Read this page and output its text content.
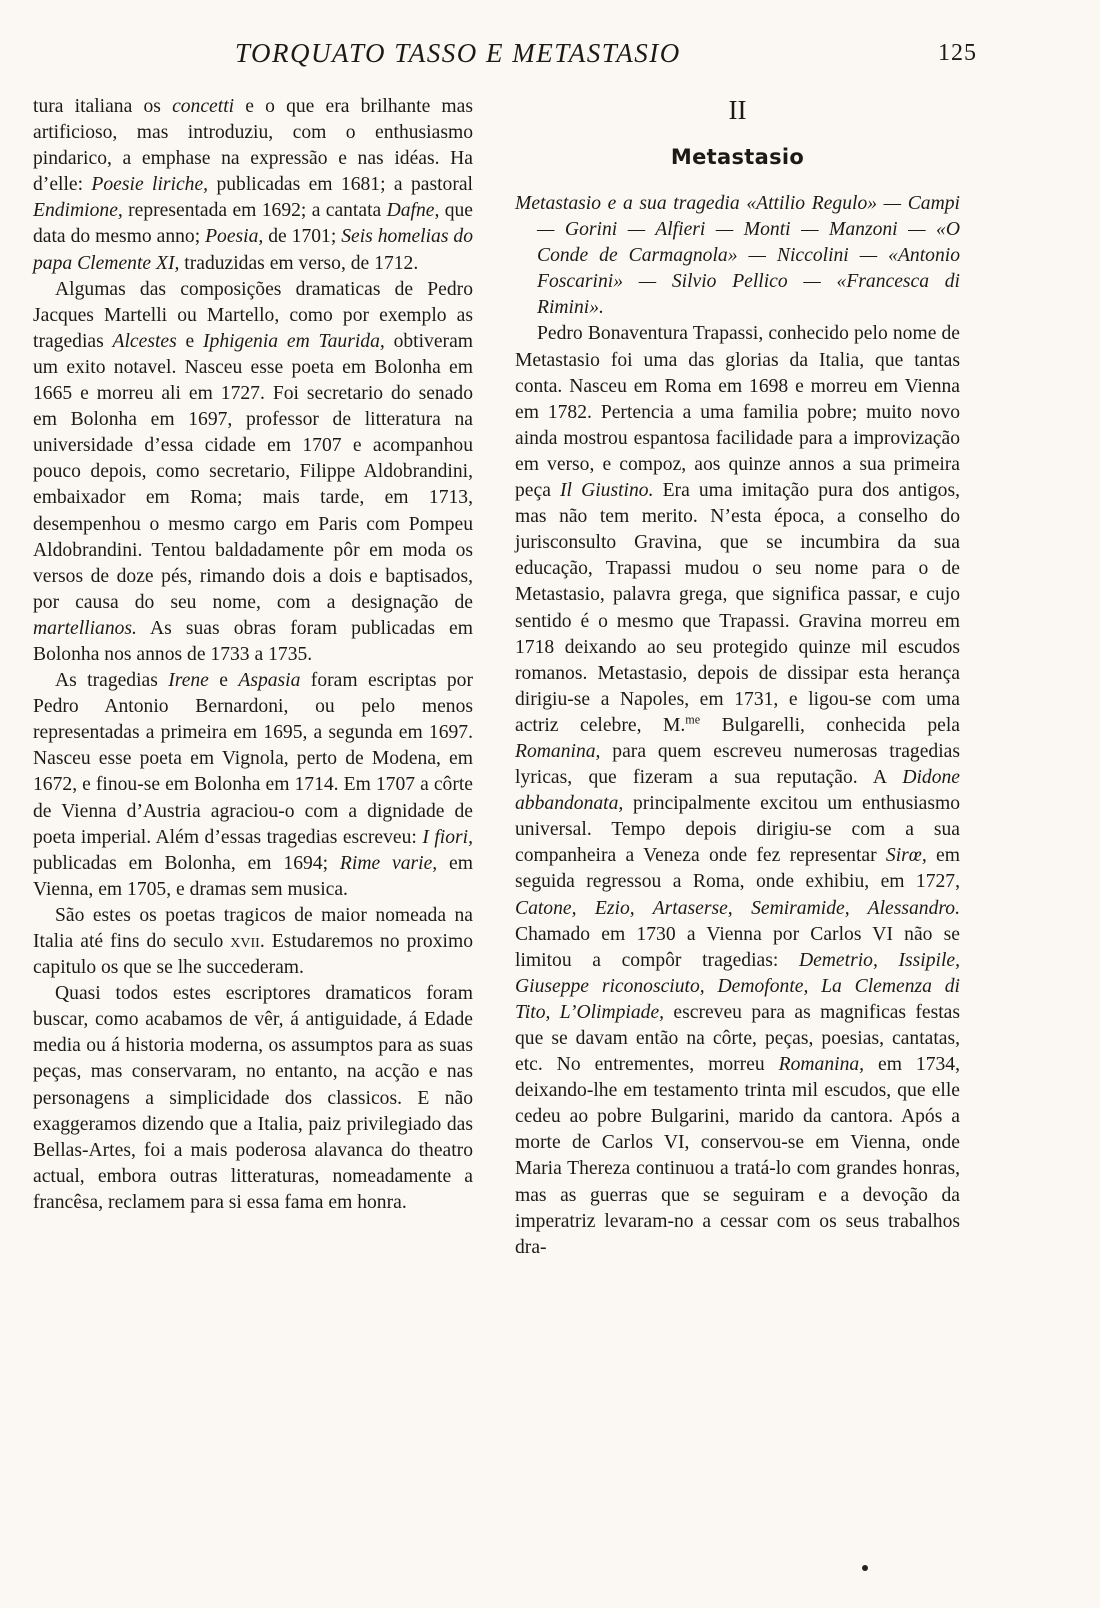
TORQUATO TASSO E METASTASIO	125

tura italiana os concetti e o que era brilhante mas artificioso, mas introduziu, com o enthusiasmo pindarico, a emphase na expressão e nas idéas. Ha d’elle: Poesie liriche, publicadas em 1681; a pastoral Endimione, representada em 1692; a cantata Dafne, que data do mesmo anno; Poesia, de 1701; Seis homelias do papa Clemente XI, traduzidas em verso, de 1712.

Algumas das composições dramaticas de Pedro Jacques Martelli ou Martello, como por exemplo as tragedias Alcestes e Iphigenia em Taurida, obtiveram um exito notavel. Nasceu esse poeta em Bolonha em 1665 e morreu ali em 1727. Foi secretario do senado em Bolonha em 1697, professor de litteratura na universidade d’essa cidade em 1707 e acompanhou pouco depois, como secretario, Filippe Aldobrandini, embaixador em Roma; mais tarde, em 1713, desempenhou o mesmo cargo em Paris com Pompeu Aldobrandini. Tentou baldadamente pôr em moda os versos de doze pés, rimando dois a dois e baptisados, por causa do seu nome, com a designação de martellianos. As suas obras foram publicadas em Bolonha nos annos de 1733 a 1735.

As tragedias Irene e Aspasia foram escriptas por Pedro Antonio Bernardoni, ou pelo menos representadas a primeira em 1695, a segunda em 1697. Nasceu esse poeta em Vignola, perto de Modena, em 1672, e finou-se em Bolonha em 1714. Em 1707 a côrte de Vienna d’Austria agraciou-o com a dignidade de poeta imperial. Além d’essas tragedias escreveu: I fiori, publicadas em Bolonha, em 1694; Rime varie, em Vienna, em 1705, e dramas sem musica.

São estes os poetas tragicos de maior nomeada na Italia até fins do seculo xvii. Estudaremos no proximo capitulo os que se lhe succederam.

Quasi todos estes escriptores dramaticos foram buscar, como acabamos de vêr, á antiguidade, á Edade media ou á historia moderna, os assumptos para as suas peças, mas conservaram, no entanto, na acção e nas personagens a simplicidade dos classicos. E não exaggeramos dizendo que a Italia, paiz privilegiado das Bellas-Artes, foi a mais poderosa alavanca do theatro actual, embora outras litteraturas, nomeadamente a francêsa, reclamem para si essa fama em honra.

II
Metastasio

Metastasio e a sua tragedia «Attilio Regulo» — Campi — Gorini — Alfieri — Monti — Manzoni — «O Conde de Carmagnola» — Niccolini — «Antonio Foscarini» — Silvio Pellico — «Francesca di Rimini».

Pedro Bonaventura Trapassi, conhecido pelo nome de Metastasio foi uma das glorias da Italia, que tantas conta. Nasceu em Roma em 1698 e morreu em Vienna em 1782. Pertencia a uma familia pobre; muito novo ainda mostrou espantosa facilidade para a improvização em verso, e compoz, aos quinze annos a sua primeira peça Il Giustino. Era uma imitação pura dos antigos, mas não tem merito. N’esta época, a conselho do jurisconsulto Gravina, que se incumbira da sua educação, Trapassi mudou o seu nome para o de Metastasio, palavra grega, que significa passar, e cujo sentido é o mesmo que Trapassi. Gravina morreu em 1718 deixando ao seu protegido quinze mil escudos romanos. Metastasio, depois de dissipar esta herança dirigiu-se a Napoles, em 1731, e ligou-se com uma actriz celebre, M.$^{me}$ Bulgarelli, conhecida pela Romanina, para quem escreveu numerosas tragedias lyricas, que fizeram a sua reputação. A Didone abbandonata, principalmente excitou um enthusiasmo universal. Tempo depois dirigiu-se com a sua companheira a Veneza onde fez representar Sirœ, em seguida regressou a Roma, onde exhibiu, em 1727, Catone, Ezio, Artaserse, Semiramide, Alessandro. Chamado em 1730 a Vienna por Carlos VI não se limitou a compôr tragedias: Demetrio, Issipile, Giuseppe riconosciuto, Demofonte, La Clemenza di Tito, L’Olimpiade, escreveu para as magnificas festas que se davam então na côrte, peças, poesias, cantatas, etc. No entrementes, morreu Romanina, em 1734, deixando-lhe em testamento trinta mil escudos, que elle cedeu ao pobre Bulgarini, marido da cantora. Após a morte de Carlos VI, conservou-se em Vienna, onde Maria Thereza continuou a tratá-lo com grandes honras, mas as guerras que se seguiram e a devoção da imperatriz levaram-no a cessar com os seus trabalhos dra-
